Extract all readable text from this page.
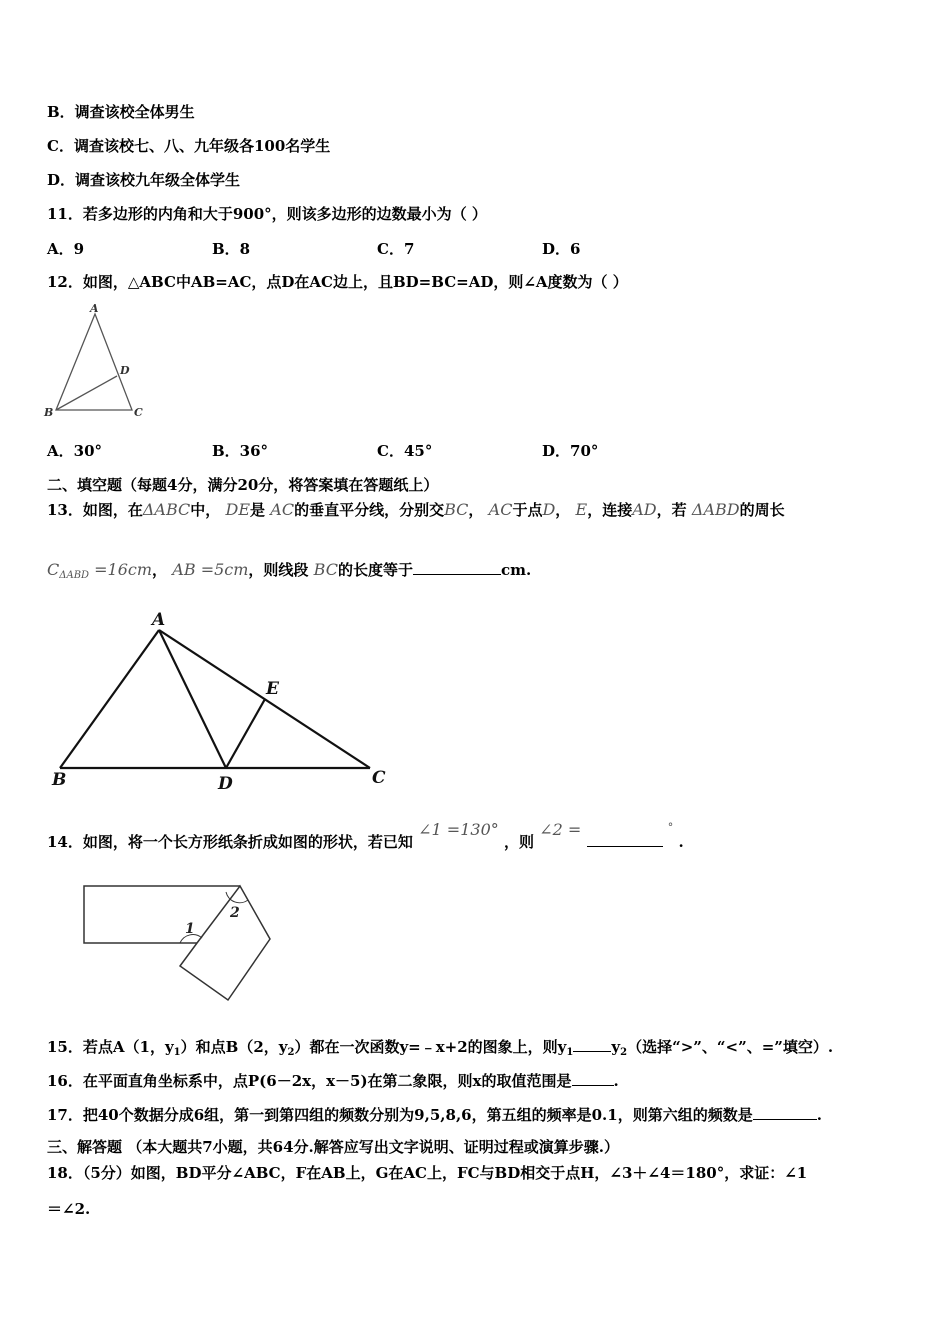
B．调查该校全体男生
C．调查该校七、八、九年级各100名学生
D．调查该校九年级全体学生
11．若多边形的内角和大于900°，则该多边形的边数最小为（ ）
A．9	B．8	C．7	D．6
12．如图，△ABC中AB=AC，点D在AC边上，且BD=BC=AD，则∠A度数为（ ）
A
B	C
D
A．30°	B．36°	C．45°	D．70°
二、填空题（每题4分，满分20分，将答案填在答题纸上）
13．如图，在ΔABC中， DE是 AC的垂直平分线，分别交BC， AC于点D， E，连接AD，若 ΔABD的周长
$C_{\Delta ABD} =16cm$， AB =5cm，则线段 BC的长度等于	cm.
A
B	C
D
E
14．如图，将一个长方形纸条折成如图的形状，若已知 ∠1 =130° ，则 ∠2 =	° .
1
2
15．若点A（1，$y_1$）和点B（2，$y_2$）都在一次函数y=﹣x+2的图象上，则$y_1$	$y_2$（选择“>”、“<”、=”填空）.
16．在平面直角坐标系中，点P(6－2x，x－5)在第二象限，则x的取值范围是	.
17．把40个数据分成6组，第一到第四组的频数分别为9,5,8,6，第五组的频率是0.1，则第六组的频数是	.
三、解答题 （本大题共7小题，共64分.解答应写出文字说明、证明过程或演算步骤.）
18．（5分）如图，BD平分∠ABC，F在AB上，G在AC上，FC与BD相交于点H，∠3＋∠4＝180°，求证：∠1
＝∠2.
